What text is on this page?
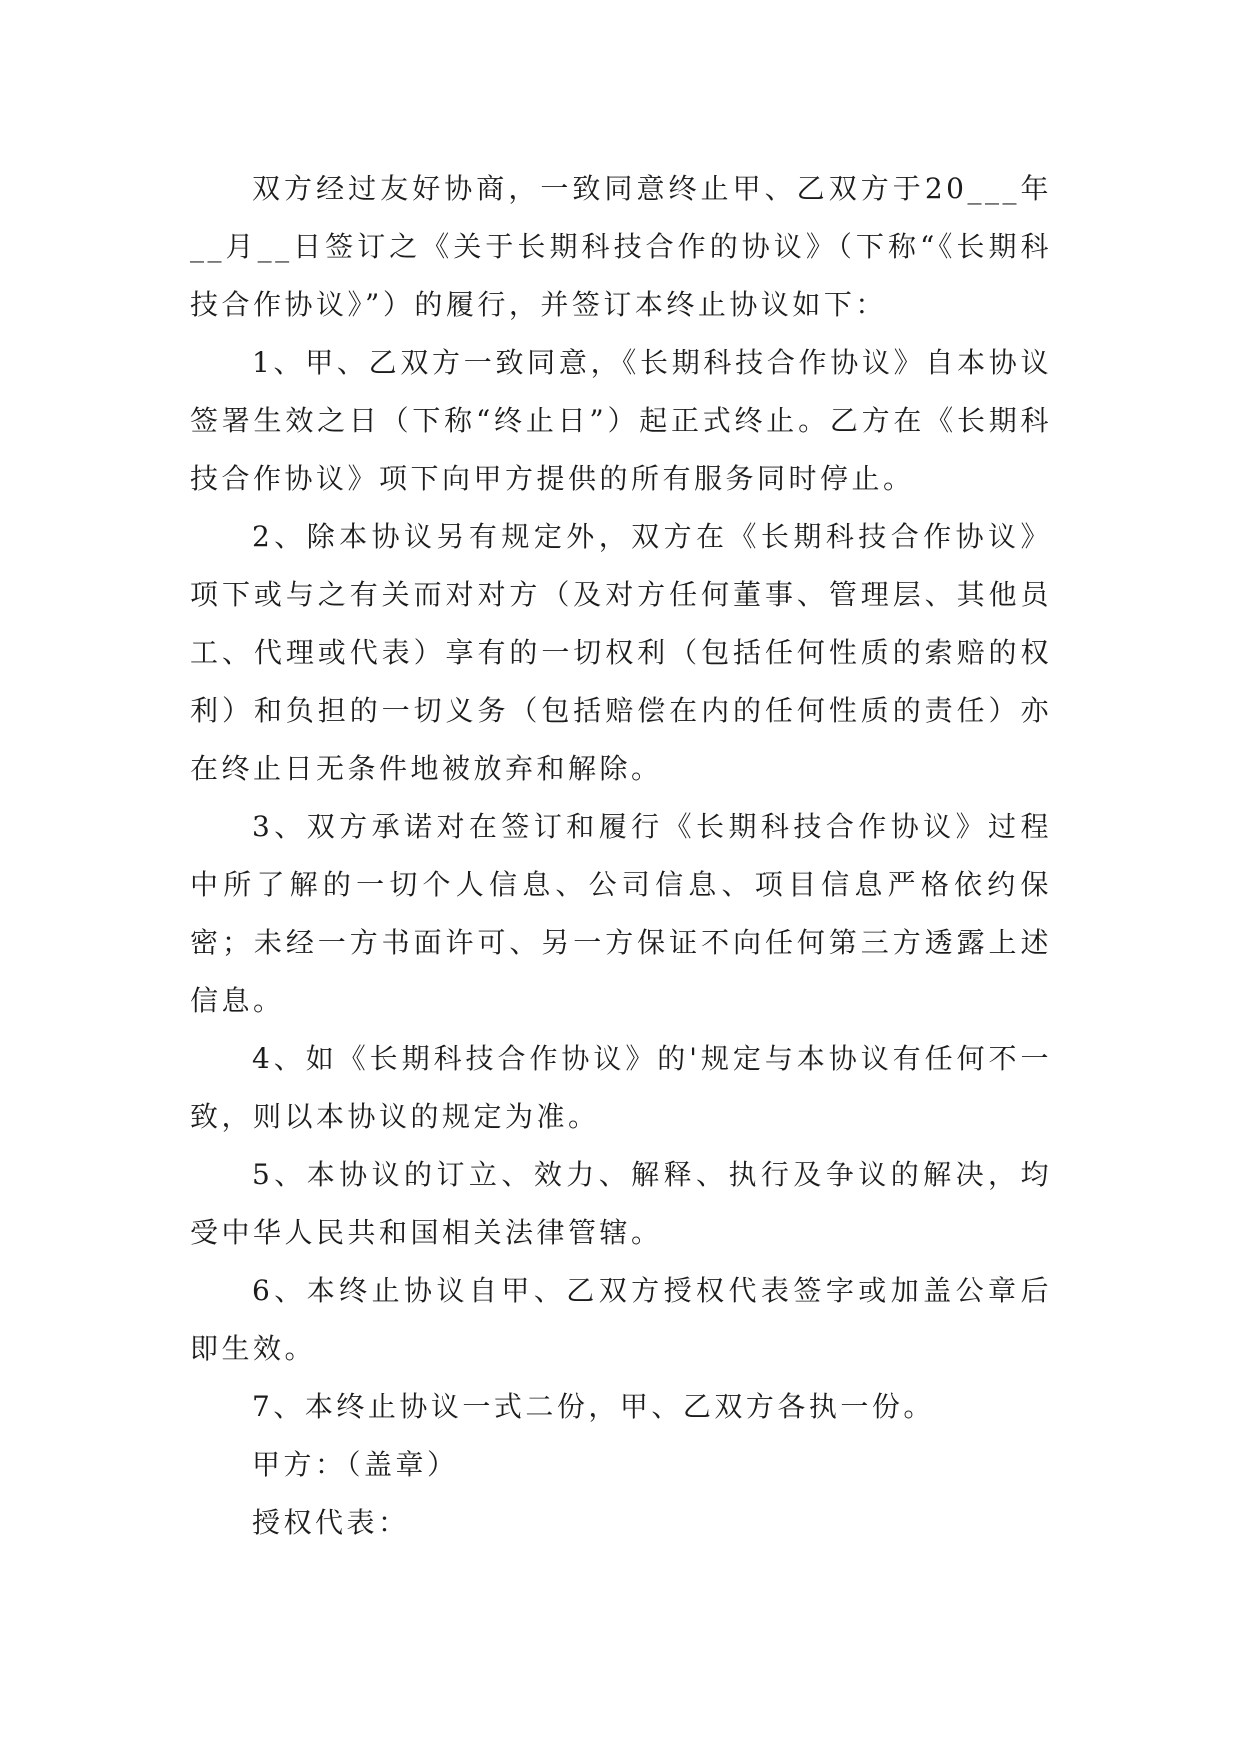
双方经过友好协商，一致同意终止甲、乙双方于20___年__月__日签订之《关于长期科技合作的协议》（下称“《长期科技合作协议》”）的履行，并签订本终止协议如下：

1、甲、乙双方一致同意，《长期科技合作协议》自本协议签署生效之日（下称“终止日”）起正式终止。乙方在《长期科技合作协议》项下向甲方提供的所有服务同时停止。

2、除本协议另有规定外，双方在《长期科技合作协议》项下或与之有关而对对方（及对方任何董事、管理层、其他员工、代理或代表）享有的一切权利（包括任何性质的索赔的权利）和负担的一切义务（包括赔偿在内的任何性质的责任）亦在终止日无条件地被放弃和解除。

3、双方承诺对在签订和履行《长期科技合作协议》过程中所了解的一切个人信息、公司信息、项目信息严格依约保密；未经一方书面许可、另一方保证不向任何第三方透露上述信息。

4、如《长期科技合作协议》的'规定与本协议有任何不一致，则以本协议的规定为准。

5、本协议的订立、效力、解释、执行及争议的解决，均受中华人民共和国相关法律管辖。

6、本终止协议自甲、乙双方授权代表签字或加盖公章后即生效。

7、本终止协议一式二份，甲、乙双方各执一份。

甲方：（盖章）

授权代表：
